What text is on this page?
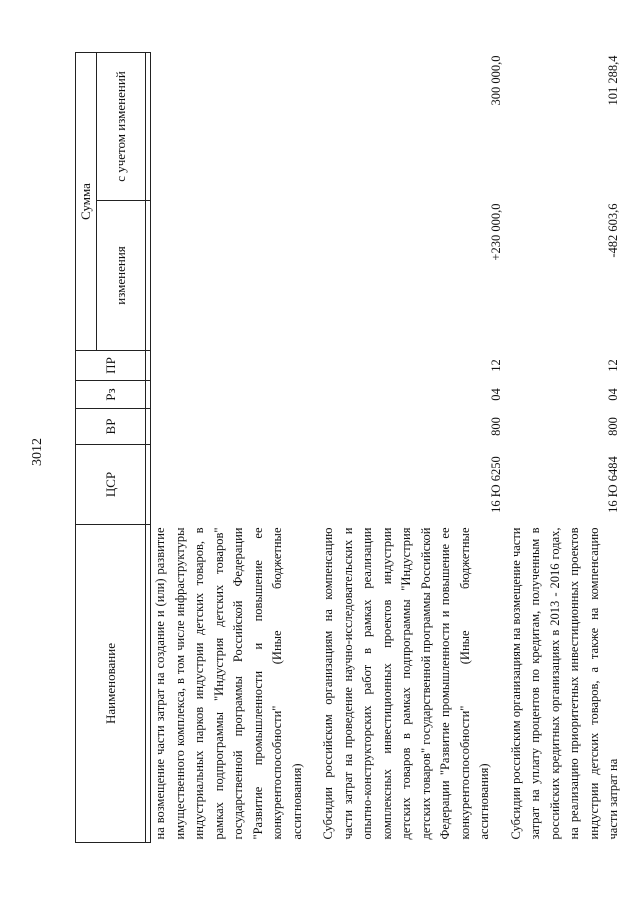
3012
Наименование	ЦСР	ВР	Рз	ПР	Сумма	
					изменения	с учетом изменений

на возмещение части затрат на создание и (или) развитие имущественного комплекса, в том числе инфраструктуры индустриальных парков индустрии детских товаров, в рамках подпрограммы "Индустрия детских товаров" государственной программы Российской Федерации "Развитие промышленности и повышение ее конкурентоспособности" (Иные бюджетные ассигнования)						

Субсидии российским организациям на компенсацию части затрат на проведение научно-исследовательских и опытно-конструкторских работ в рамках реализации комплексных инвестиционных проектов индустрии детских товаров в рамках подпрограммы "Индустрия детских товаров" государственной программы Российской Федерации "Развитие промышленности и повышение ее конкурентоспособности" (Иные бюджетные ассигнования)	16 Ю 6250	800	04	12	+230 000,0	300 000,0

Субсидии российским организациям на возмещение части затрат на уплату процентов по кредитам, полученным в российских кредитных организациях в 2013 - 2016 годах, на реализацию приоритетных инвестиционных проектов индустрии детских товаров, а также на компенсацию части затрат на	16 Ю 6484	800	04	12	-482 603,6	101 288,4
